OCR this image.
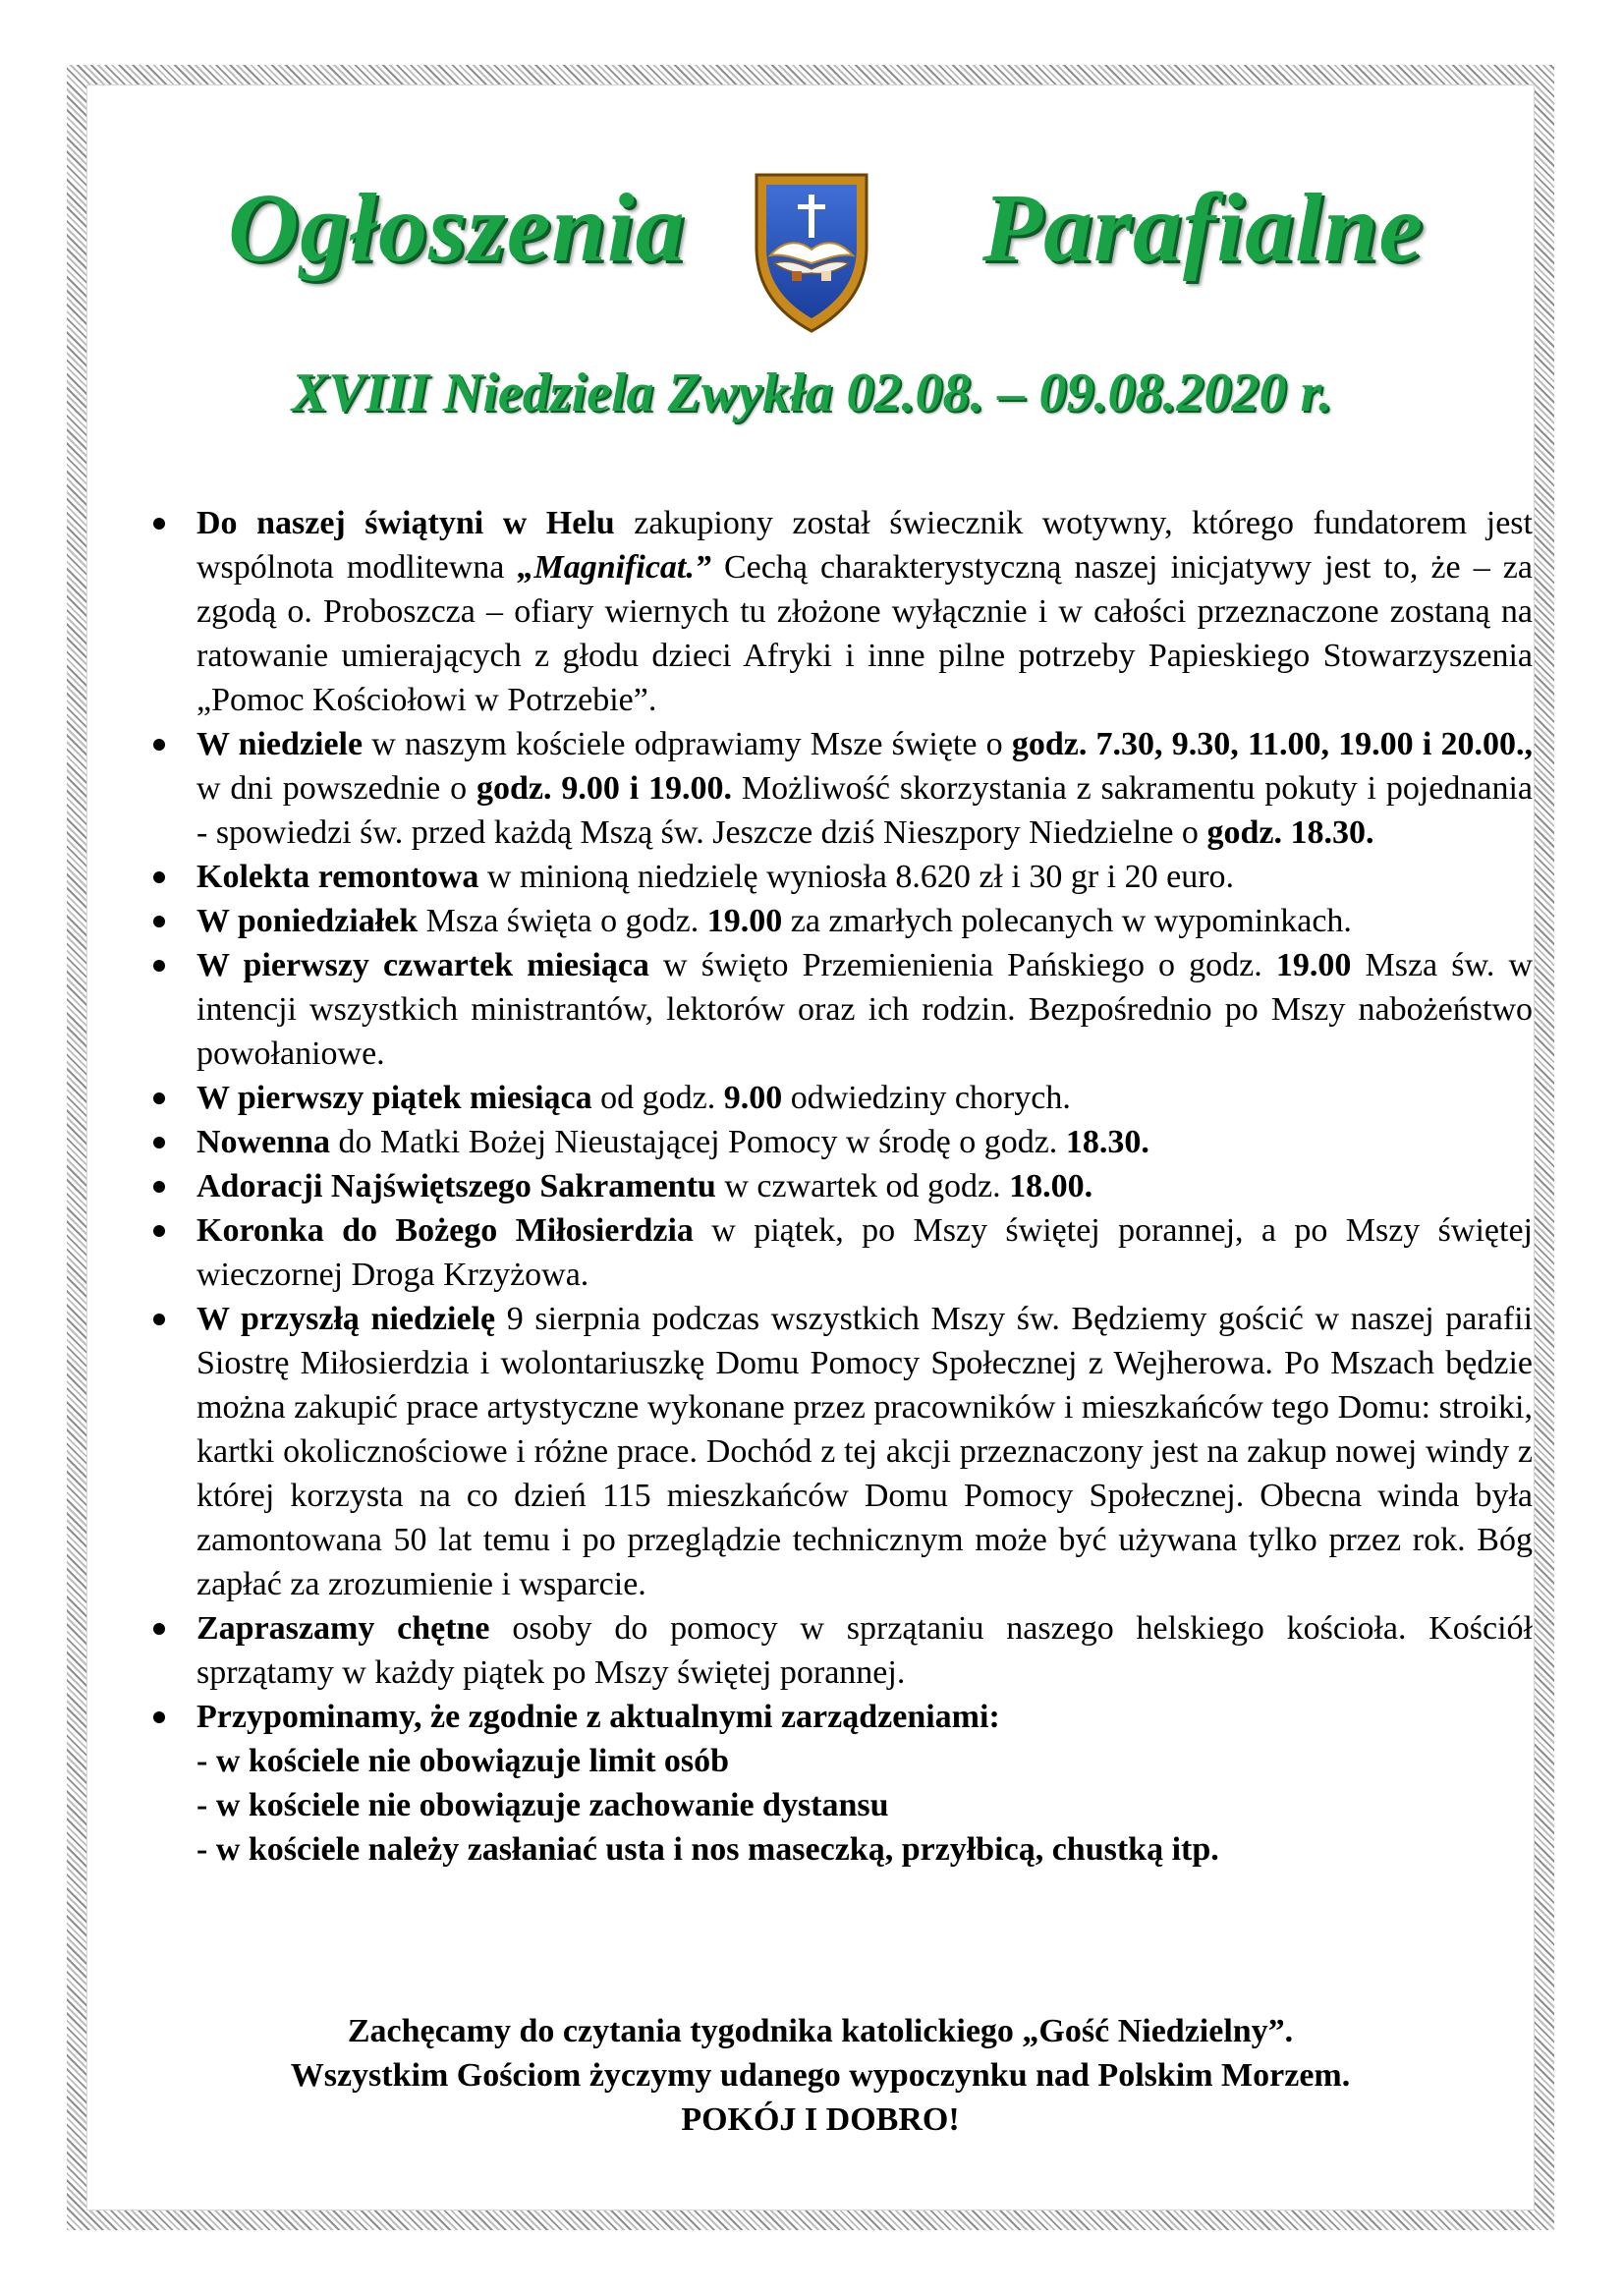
Ogłoszenia	Parafialne
XVIII Niedziela Zwykła 02.08. – 09.08.2020 r.
Do naszej świątyni w Helu zakupiony został świecznik wotywny, którego fundatorem jest wspólnota modlitewna „Magnificat.” Cechą charakterystyczną naszej inicjatywy jest to, że – za zgodą o. Proboszcza – ofiary wiernych tu złożone wyłącznie i w całości przeznaczone zostaną na ratowanie umierających z głodu dzieci Afryki i inne pilne potrzeby Papieskiego Stowarzyszenia „Pomoc Kościołowi w Potrzebie”.
W niedziele w naszym kościele odprawiamy Msze święte o godz. 7.30, 9.30, 11.00, 19.00 i 20.00., w dni powszednie o godz. 9.00 i 19.00. Możliwość skorzystania z sakramentu pokuty i pojednania - spowiedzi św. przed każdą Mszą św. Jeszcze dziś Nieszpory Niedzielne o godz. 18.30.
Kolekta remontowa w minioną niedzielę wyniosła 8.620 zł i 30 gr i 20 euro.
W poniedziałek Msza święta o godz. 19.00 za zmarłych polecanych w wypominkach.
W pierwszy czwartek miesiąca w święto Przemienienia Pańskiego o godz. 19.00 Msza św. w intencji wszystkich ministrantów, lektorów oraz ich rodzin. Bezpośrednio po Mszy nabożeństwo powołaniowe.
W pierwszy piątek miesiąca od godz. 9.00 odwiedziny chorych.
Nowenna do Matki Bożej Nieustającej Pomocy w środę o godz. 18.30.
Adoracji Najświętszego Sakramentu w czwartek od godz. 18.00.
Koronka do Bożego Miłosierdzia w piątek, po Mszy świętej porannej, a po Mszy świętej wieczornej Droga Krzyżowa.
W przyszłą niedzielę 9 sierpnia podczas wszystkich Mszy św. Będziemy gościć w naszej parafii Siostrę Miłosierdzia i wolontariuszkę Domu Pomocy Społecznej z Wejherowa. Po Mszach będzie można zakupić prace artystyczne wykonane przez pracowników i mieszkańców tego Domu: stroiki, kartki okolicznościowe i różne prace. Dochód z tej akcji przeznaczony jest na zakup nowej windy z której korzysta na co dzień 115 mieszkańców Domu Pomocy Społecznej. Obecna winda była zamontowana 50 lat temu i po przeglądzie technicznym może być używana tylko przez rok. Bóg zapłać za zrozumienie i wsparcie.
Zapraszamy chętne osoby do pomocy w sprzątaniu naszego helskiego kościoła. Kościół sprzątamy w każdy piątek po Mszy świętej porannej.
Przypominamy, że zgodnie z aktualnymi zarządzeniami:
- w kościele nie obowiązuje limit osób
- w kościele nie obowiązuje zachowanie dystansu
- w kościele należy zasłaniać usta i nos maseczką, przyłbicą, chustką itp.
Zachęcamy do czytania tygodnika katolickiego „Gość Niedzielny”.
Wszystkim Gościom życzymy udanego wypoczynku nad Polskim Morzem.
POKÓJ I DOBRO!
